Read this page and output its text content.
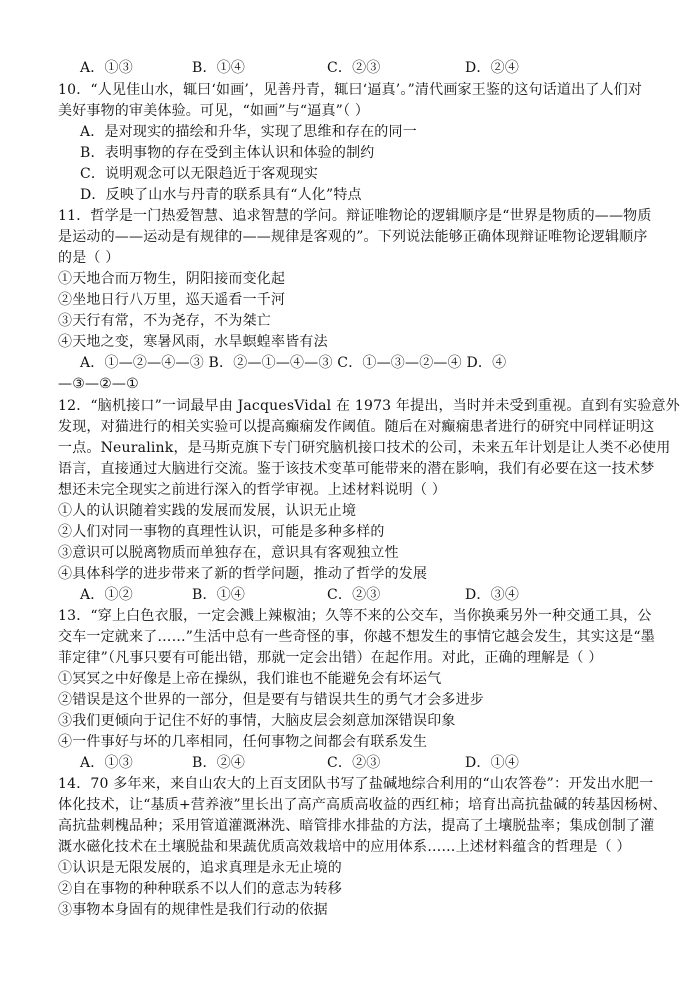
A．①③	B．①④	C．②③	D．②④
10．“人见佳山水，辄曰‘如画’，见善丹青，辄曰‘逼真’。”清代画家王鉴的这句话道出了人们对
美好事物的审美体验。可见，“如画”与“逼真”（ ）
A．是对现实的描绘和升华，实现了思维和存在的同一
B．表明事物的存在受到主体认识和体验的制约
C．说明观念可以无限趋近于客观现实
D．反映了山水与丹青的联系具有“人化”特点
11．哲学是一门热爱智慧、追求智慧的学问。辩证唯物论的逻辑顺序是“世界是物质的——物质
是运动的——运动是有规律的——规律是客观的”。下列说法能够正确体现辩证唯物论逻辑顺序
的是（ ）
①天地合而万物生，阴阳接而变化起
②坐地日行八万里，巡天遥看一千河
③天行有常，不为尧存，不为桀亡
④天地之变，寒暑风雨，水旱螟蝗率皆有法
A．①—②—④—③ B．②—①—④—③ C．①—③—②—④ D．④
—③—②—①
12．“脑机接口”一词最早由 JacquesVidal 在 1973 年提出，当时并未受到重视。直到有实验意外
发现，对猫进行的相关实验可以提高癫痫发作阈值。随后在对癫痫患者进行的研究中同样证明这
一点。Neuralink，是马斯克旗下专门研究脑机接口技术的公司，未来五年计划是让人类不必使用
语言，直接通过大脑进行交流。鉴于该技术变革可能带来的潜在影响，我们有必要在这一技术梦
想还未完全现实之前进行深入的哲学审视。上述材料说明（ ）
①人的认识随着实践的发展而发展，认识无止境
②人们对同一事物的真理性认识，可能是多种多样的
③意识可以脱离物质而单独存在，意识具有客观独立性
④具体科学的进步带来了新的哲学问题，推动了哲学的发展
A．①②	B．①④	C．②③	D．③④
13．“穿上白色衣服，一定会溅上辣椒油；久等不来的公交车，当你换乘另外一种交通工具，公
交车一定就来了……”生活中总有一些奇怪的事，你越不想发生的事情它越会发生，其实这是“墨
菲定律”（凡事只要有可能出错，那就一定会出错）在起作用。对此，正确的理解是（ ）
①冥冥之中好像是上帝在操纵，我们谁也不能避免会有坏运气
②错误是这个世界的一部分，但是要有与错误共生的勇气才会多进步
③我们更倾向于记住不好的事情，大脑皮层会刻意加深错误印象
④一件事好与坏的几率相同，任何事物之间都会有联系发生
A．①③	B．②④	C．②③	D．①④
14．70 多年来，来自山农大的上百支团队书写了盐碱地综合利用的“山农答卷”：开发出水肥一
体化技术，让“基质+营养液”里长出了高产高质高收益的西红柿；培育出高抗盐碱的转基因杨树、
高抗盐刺槐品种；采用管道灌溉淋洗、暗管排水排盐的方法，提高了土壤脱盐率；集成创制了灌
溉水磁化技术在土壤脱盐和果蔬优质高效栽培中的应用体系……上述材料蕴含的哲理是（ ）
①认识是无限发展的，追求真理是永无止境的
②自在事物的种种联系不以人们的意志为转移
③事物本身固有的规律性是我们行动的依据
